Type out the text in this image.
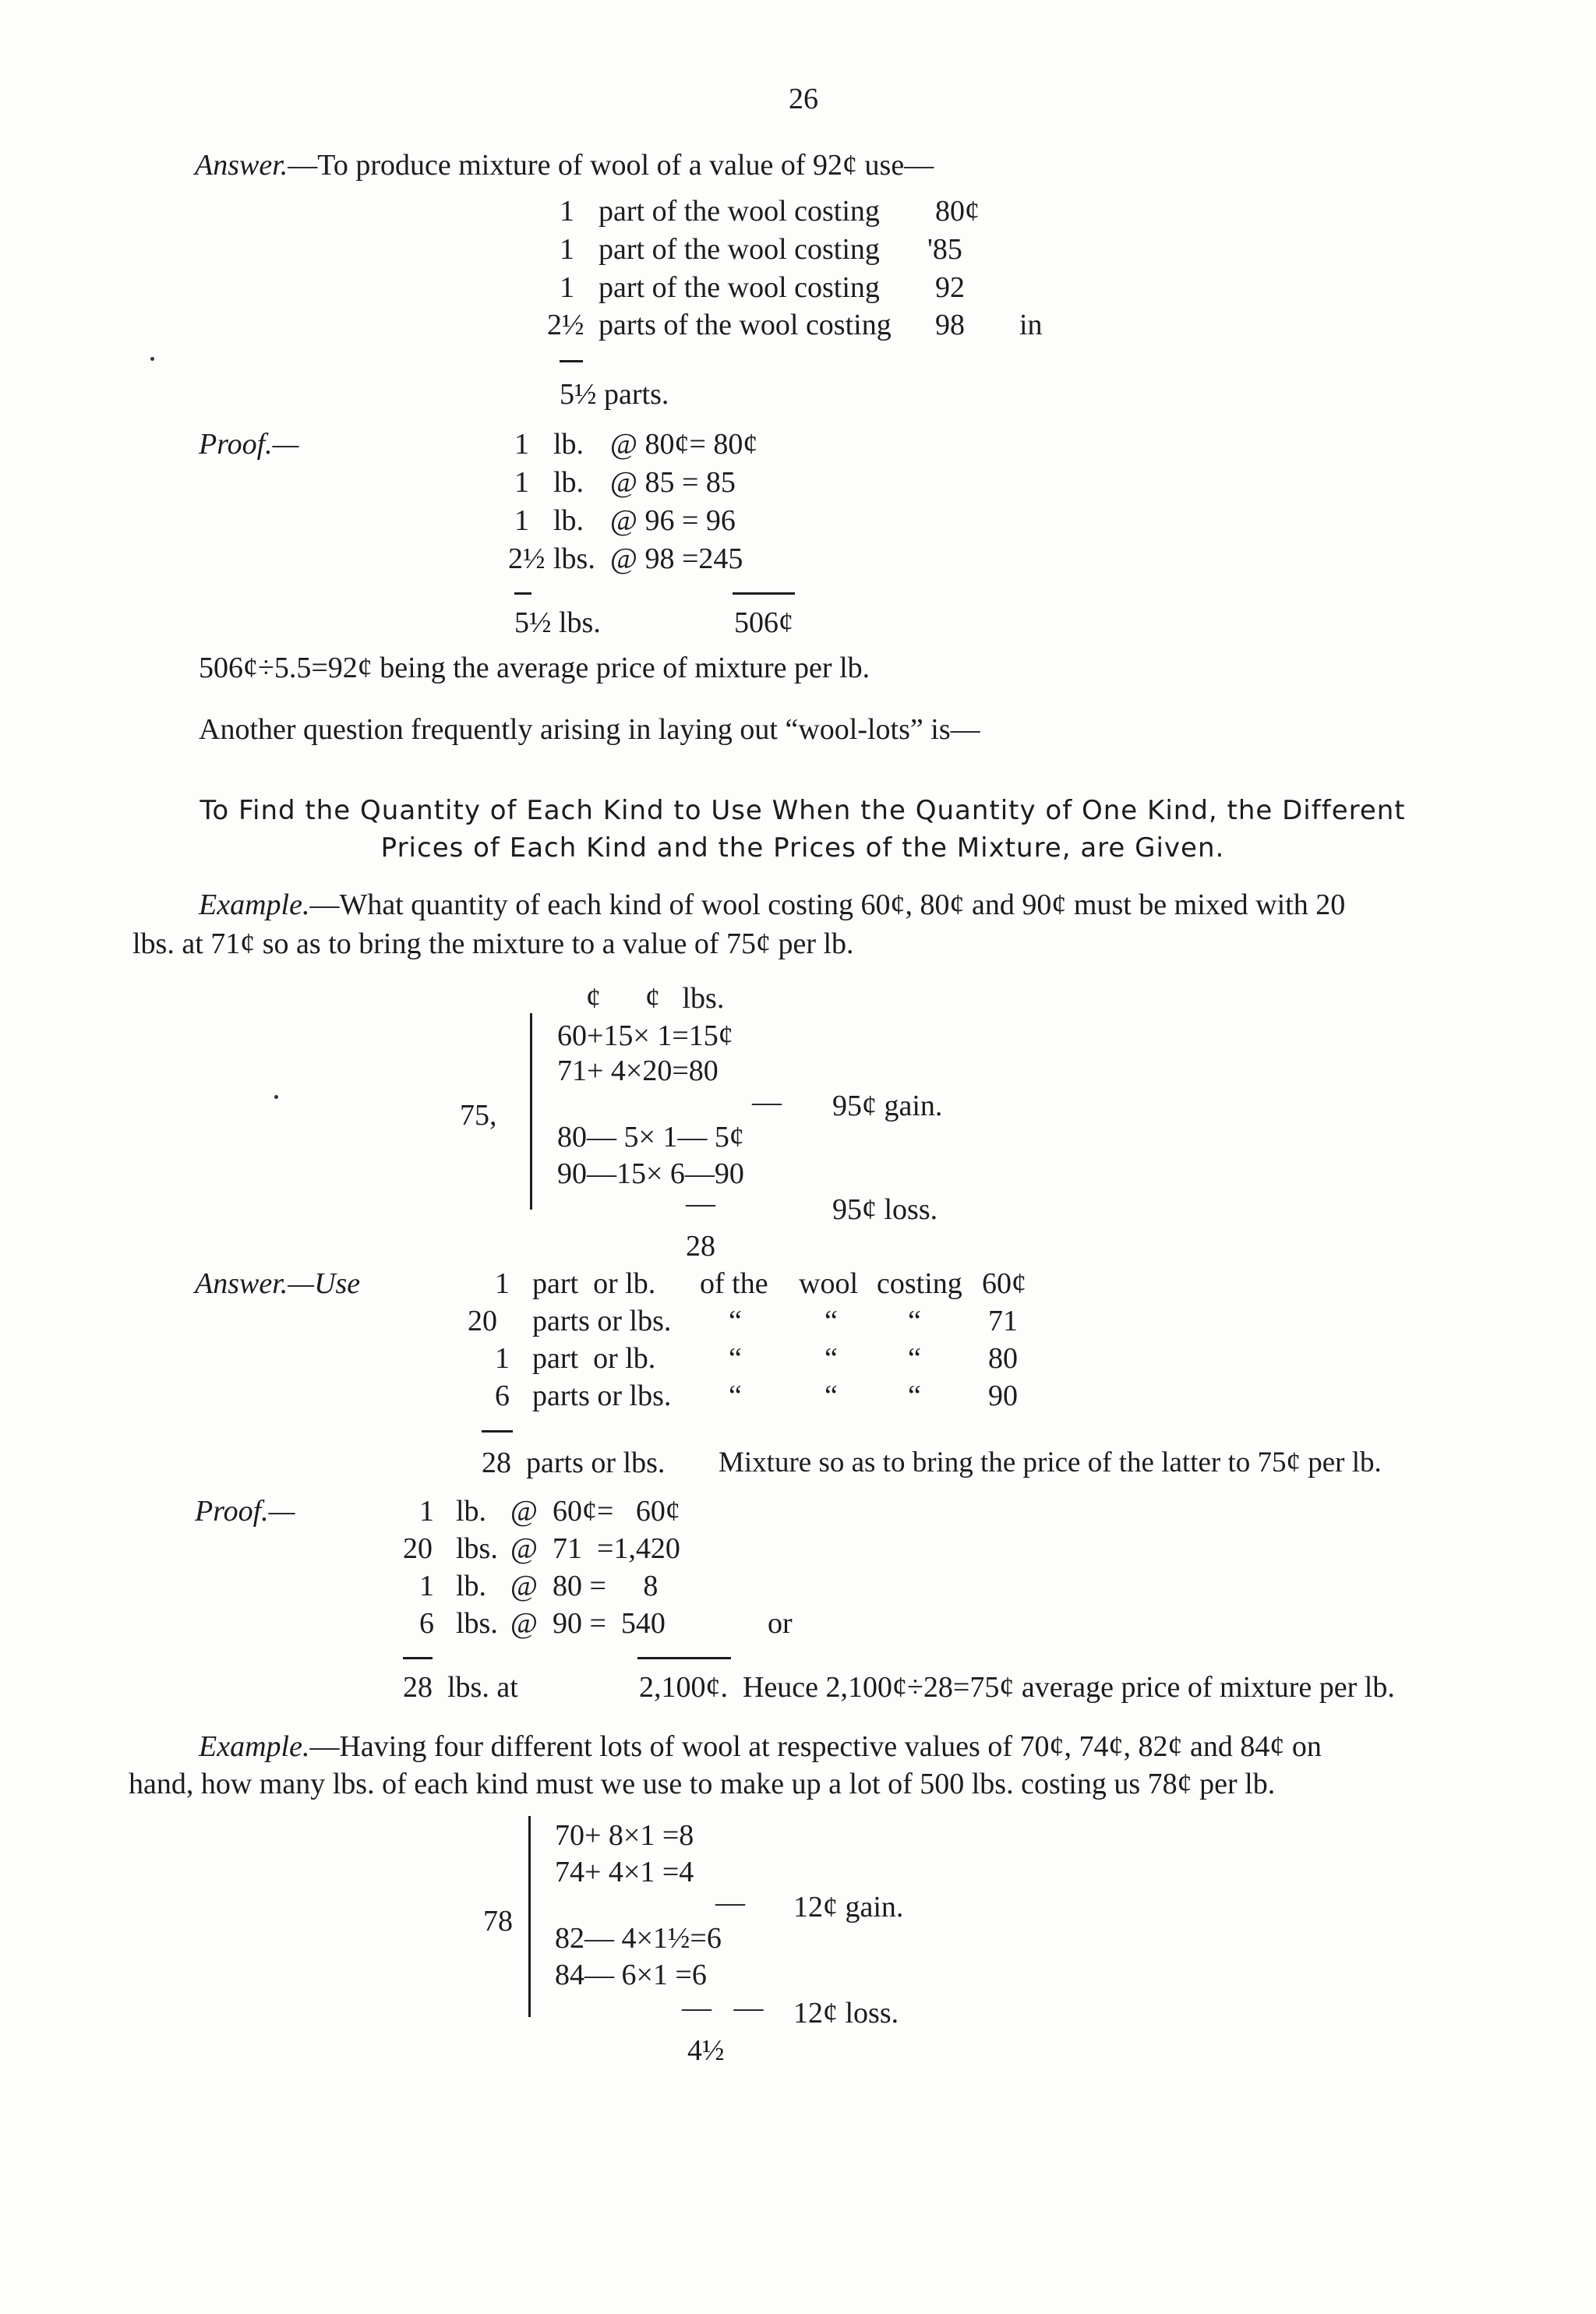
26
Answer.—To produce mixture of wool of a value of 92¢ use—
1 part of the wool costing 80¢
1 part of the wool costing '85
1 part of the wool costing 92
2½ parts of the wool costing 98 in
5½ parts.
Proof.—	1 lb. @ 80¢= 80¢
1 lb. @ 85 = 85
1 lb. @ 96 = 96
2½ lbs. @ 98 =245
5½ lbs.	506¢
506¢÷5.5=92¢ being the average price of mixture per lb.
Another question frequently arising in laying out “wool-lots” is—
To Find the Quantity of Each Kind to Use When the Quantity of One Kind, the Different
Prices of Each Kind and the Prices of the Mixture, are Given.
Example.—What quantity of each kind of wool costing 60¢, 80¢ and 90¢ must be mixed with 20
lbs. at 71¢ so as to bring the mixture to a value of 75¢ per lb.
¢      ¢   lbs.
75,
60+15× 1=15¢
71+ 4×20=80
— 95¢ gain.
80— 5× 1— 5¢
90—15× 6—90
—	95¢ loss.
28
Answer.—Use	1 part  or lb. of the wool costing 60¢
20 parts or lbs. “	“ “ 71
1 part  or lb. “	“ “ 80
6 parts or lbs. “	“ “ 90
28  parts or lbs. Mixture so as to bring the price of the latter to 75¢ per lb.
Proof.—	1 lb. @  60¢=   60¢
20 lbs. @  71  =1,420
1 lb. @  80 =     8
6 lbs. @  90 =  540	or
28  lbs. at	2,100¢.  Heuce 2,100¢÷28=75¢ average price of mixture per lb.
Example.—Having four different lots of wool at respective values of 70¢, 74¢, 82¢ and 84¢ on
hand, how many lbs. of each kind must we use to make up a lot of 500 lbs. costing us 78¢ per lb.
78
70+ 8×1 =8
74+ 4×1 =4
— 12¢ gain.
82— 4×1½=6
84— 6×1 =6
—   — 12¢ loss.
4½
